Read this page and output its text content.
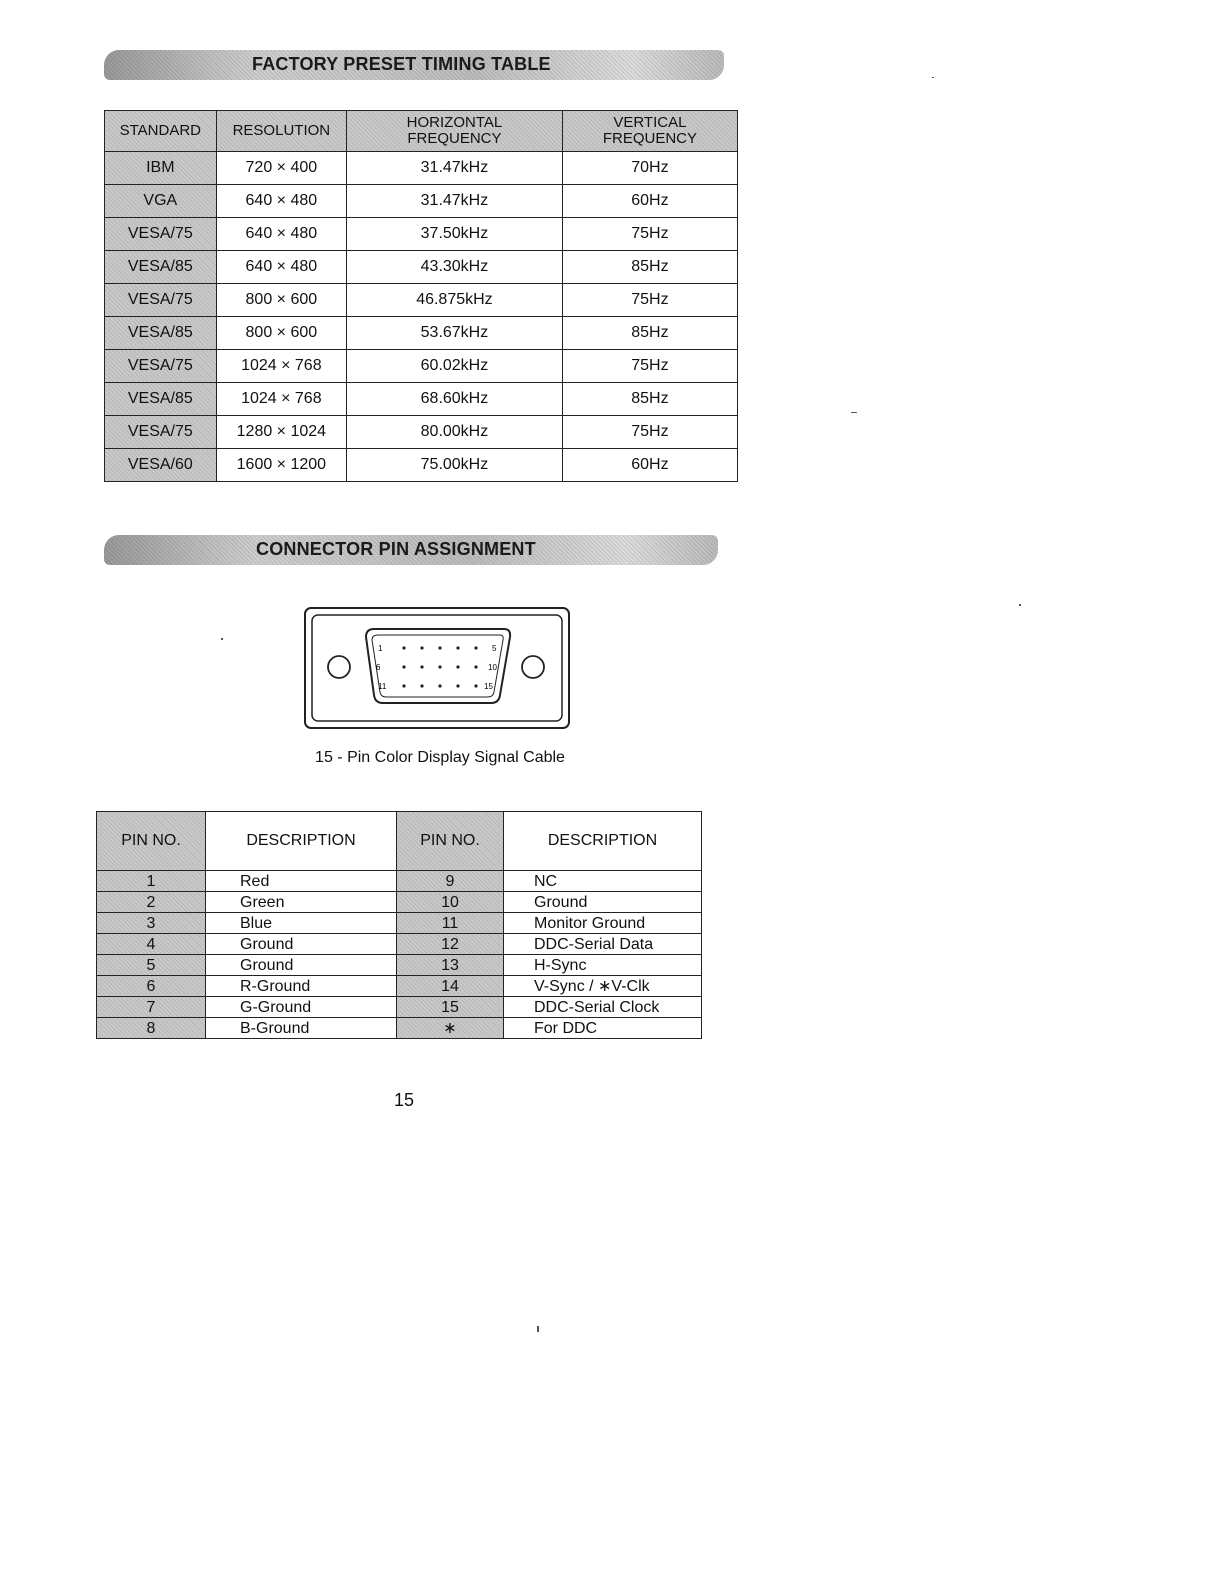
FACTORY PRESET TIMING TABLE
STANDARD	RESOLUTION	HORIZONTAL FREQUENCY	VERTICAL FREQUENCY
IBM	720 × 400	31.47kHz	70Hz
VGA	640 × 480	31.47kHz	60Hz
VESA/75	640 × 480	37.50kHz	75Hz
VESA/85	640 × 480	43.30kHz	85Hz
VESA/75	800 × 600	46.875kHz	75Hz
VESA/85	800 × 600	53.67kHz	85Hz
VESA/75	1024 × 768	60.02kHz	75Hz
VESA/85	1024 × 768	68.60kHz	85Hz
VESA/75	1280 × 1024	80.00kHz	75Hz
VESA/60	1600 × 1200	75.00kHz	60Hz
CONNECTOR PIN ASSIGNMENT
1	5
6	10
11	15
15 - Pin Color Display Signal Cable
PIN NO.	DESCRIPTION	PIN NO.	DESCRIPTION
1	Red	9	NC
2	Green	10	Ground
3	Blue	11	Monitor Ground
4	Ground	12	DDC-Serial Data
5	Ground	13	H-Sync
6	R-Ground	14	V-Sync / ∗V-Clk
7	G-Ground	15	DDC-Serial Clock
8	B-Ground	∗	For DDC
15
